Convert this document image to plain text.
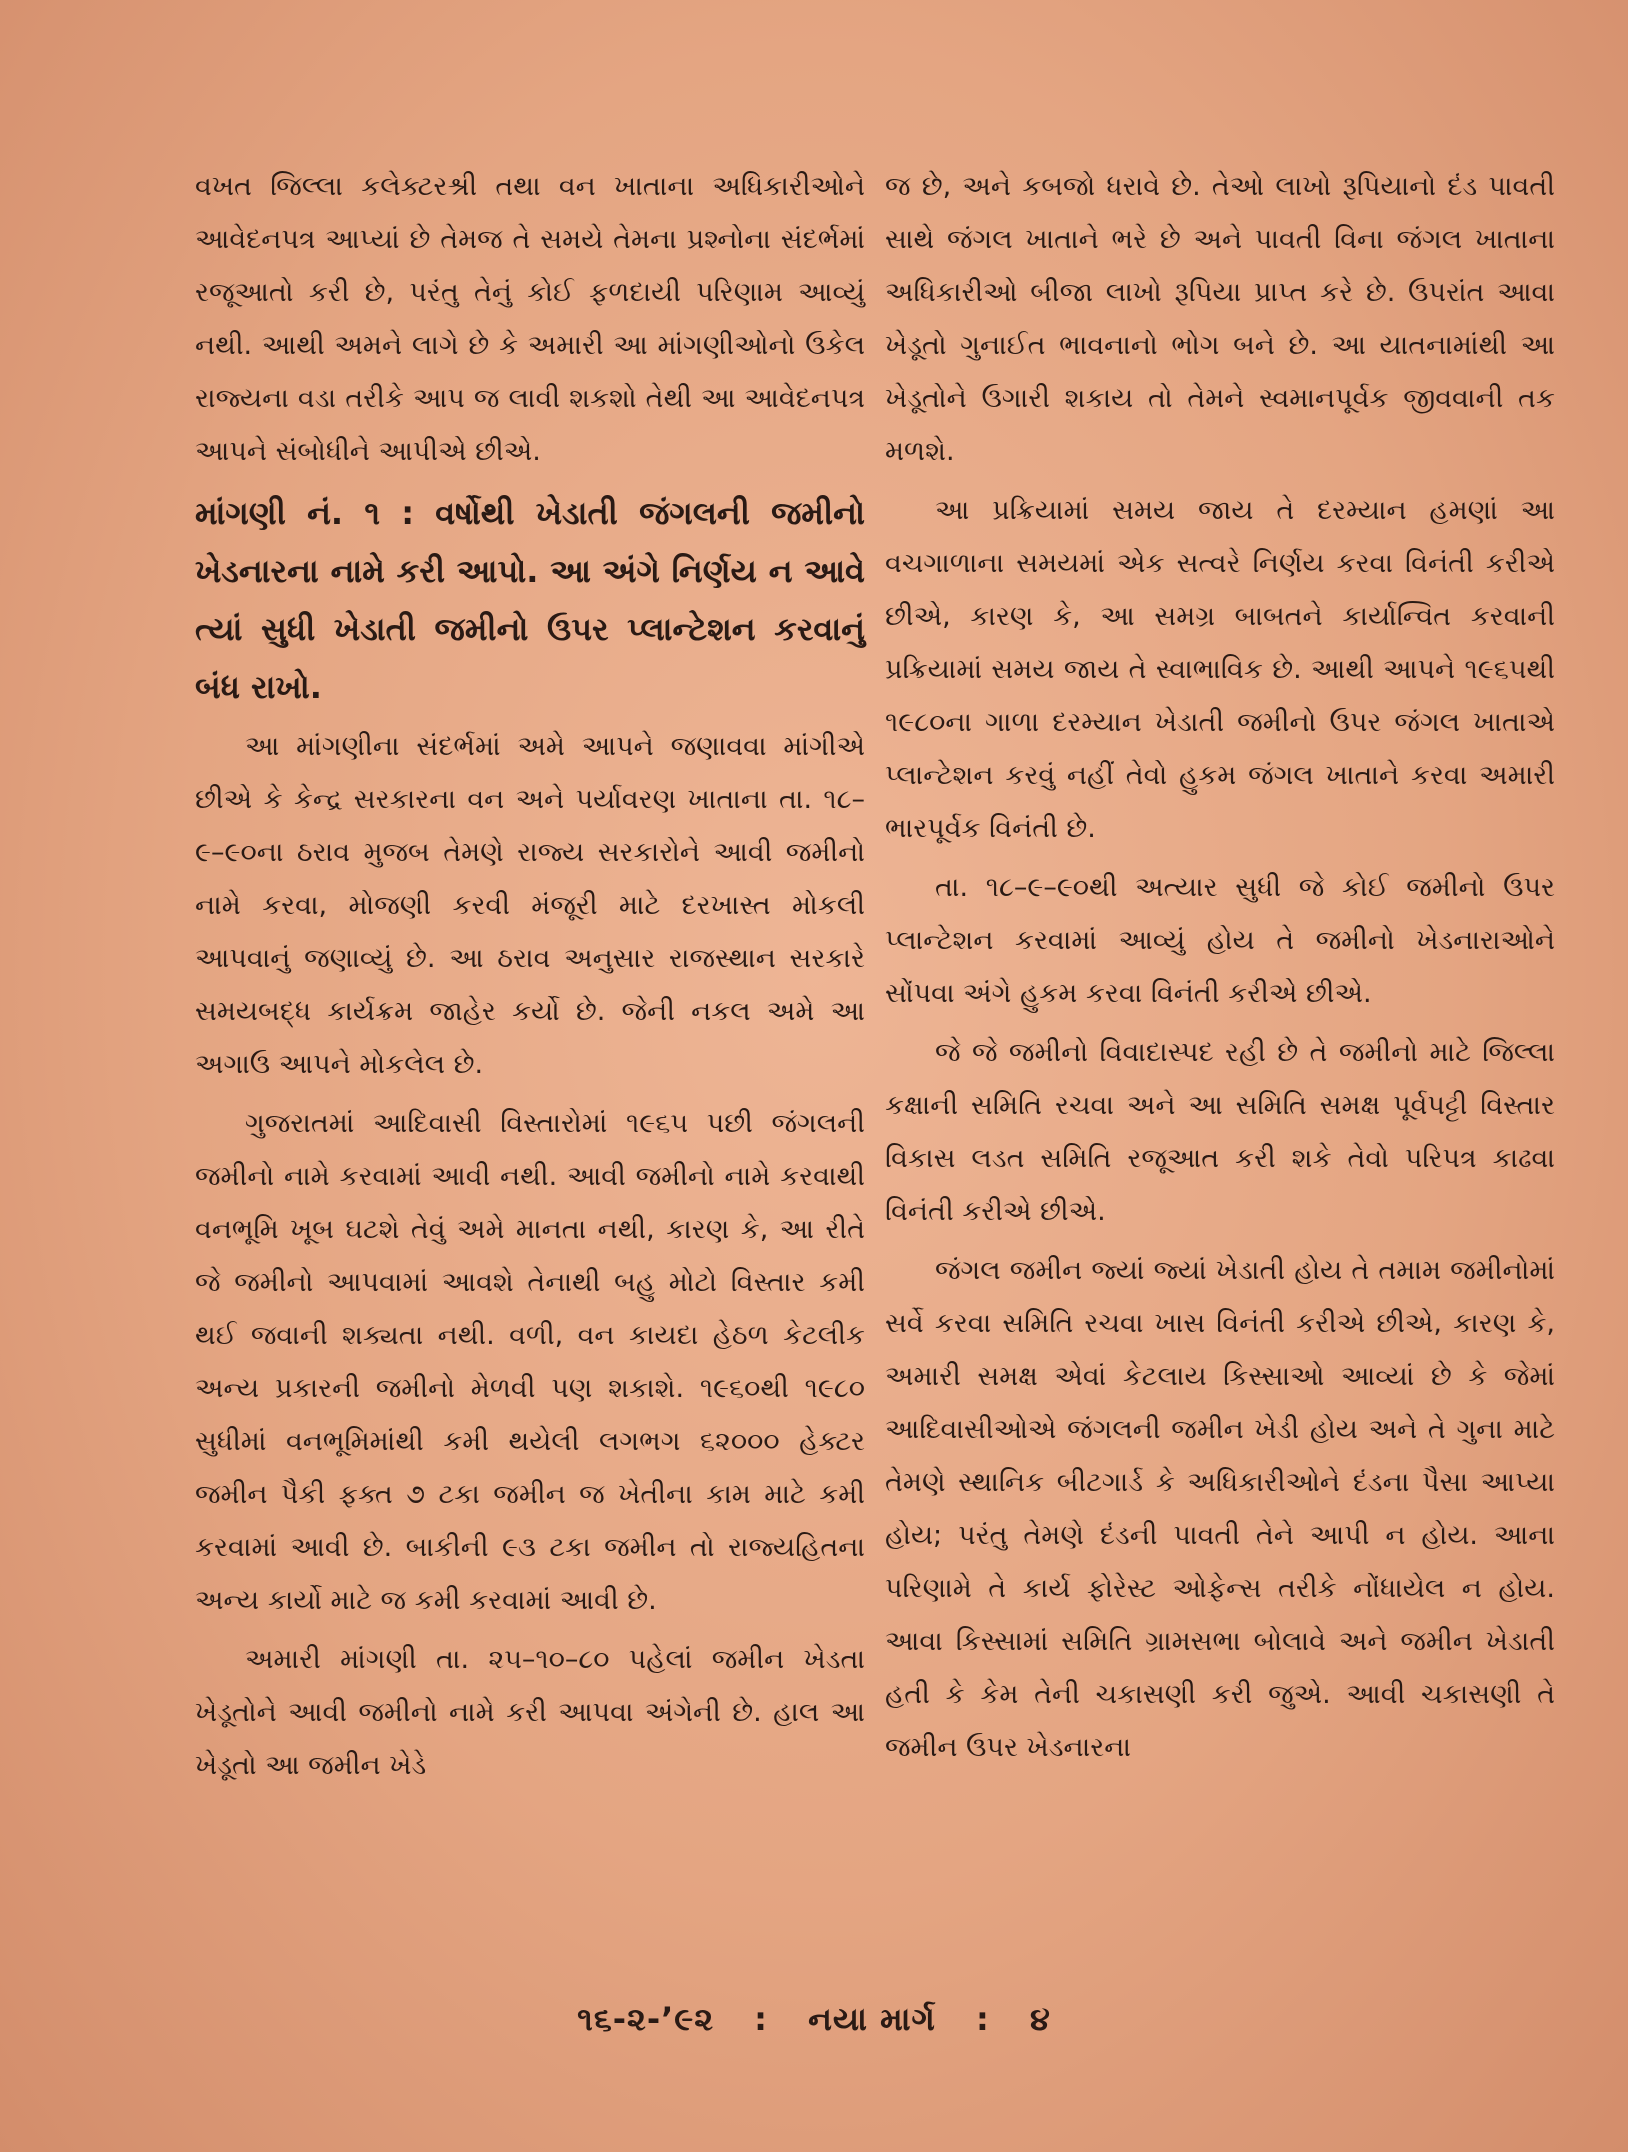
વખત જિલ્લા કલેક્ટરશ્રી તથા વન ખાતાના અધિકારીઓને આવેદનપત્ર આપ્યાં છે તેમજ તે સમયે તેમના પ્રશ્નોના સંદર્ભમાં રજૂઆતો કરી છે, પરંતુ તેનું કોઈ ફળદાયી પરિણામ આવ્યું નથી. આથી અમને લાગે છે કે અમારી આ માંગણીઓનો ઉકેલ રાજ્યના વડા તરીકે આપ જ લાવી શકશો તેથી આ આવેદનપત્ર આપને સંબોધીને આપીએ છીએ.

માંગણી નં. ૧ : વર્ષોથી ખેડાતી જંગલની જમીનો ખેડનારના નામે કરી આપો. આ અંગે નિર્ણય ન આવે ત્યાં સુધી ખેડાતી જમીનો ઉપર પ્લાન્ટેશન કરવાનું બંધ રાખો.

આ માંગણીના સંદર્ભમાં અમે આપને જણાવવા માંગીએ છીએ કે કેન્દ્ર સરકારના વન અને પર્યાવરણ ખાતાના તા. ૧૮–૯–૯૦ના ઠરાવ મુજબ તેમણે રાજ્ય સરકારોને આવી જમીનો નામે કરવા, મોજણી કરવી મંજૂરી માટે દરખાસ્ત મોકલી આપવાનું જણાવ્યું છે. આ ઠરાવ અનુસાર રાજસ્થાન સરકારે સમયબદ્ધ કાર્યક્રમ જાહેર કર્યો છે. જેની નકલ અમે આ અગાઉ આપને મોકલેલ છે.

ગુજરાતમાં આદિવાસી વિસ્તારોમાં ૧૯૬૫ પછી જંગલની જમીનો નામે કરવામાં આવી નથી. આવી જમીનો નામે કરવાથી વનભૂમિ ખૂબ ઘટશે તેવું અમે માનતા નથી, કારણ કે, આ રીતે જે જમીનો આપવામાં આવશે તેનાથી બહુ મોટો વિસ્તાર કમી થઈ જવાની શક્યતા નથી. વળી, વન કાયદા હેઠળ કેટલીક અન્ય પ્રકારની જમીનો મેળવી પણ શકાશે. ૧૯૬૦થી ૧૯૮૦ સુધીમાં વનભૂમિમાંથી કમી થયેલી લગભગ ૬૨૦૦૦ હેક્ટર જમીન પૈકી ફક્ત ૭ ટકા જમીન જ ખેતીના કામ માટે કમી કરવામાં આવી છે. બાકીની ૯૩ ટકા જમીન તો રાજ્યહિતના અન્ય કાર્યો માટે જ કમી કરવામાં આવી છે.

અમારી માંગણી તા. ૨૫–૧૦–૮૦ પહેલાં જમીન ખેડતા ખેડૂતોને આવી જમીનો નામે કરી આપવા અંગેની છે. હાલ આ ખેડૂતો આ જમીન ખેડે

જ છે, અને કબજો ધરાવે છે. તેઓ લાખો રૂપિયાનો દંડ પાવતી સાથે જંગલ ખાતાને ભરે છે અને પાવતી વિના જંગલ ખાતાના અધિકારીઓ બીજા લાખો રૂપિયા પ્રાપ્ત કરે છે. ઉપરાંત આવા ખેડૂતો ગુનાઈત ભાવનાનો ભોગ બને છે. આ યાતનામાંથી આ ખેડૂતોને ઉગારી શકાય તો તેમને સ્વમાનપૂર્વક જીવવાની તક મળશે.

આ પ્રક્રિયામાં સમય જાય તે દરમ્યાન હમણાં આ વચગાળાના સમયમાં એક સત્વરે નિર્ણય કરવા વિનંતી કરીએ છીએ, કારણ કે, આ સમગ્ર બાબતને કાર્યાન્વિત કરવાની પ્રક્રિયામાં સમય જાય તે સ્વાભાવિક છે. આથી આપને ૧૯૬૫થી ૧૯૮૦ના ગાળા દરમ્યાન ખેડાતી જમીનો ઉપર જંગલ ખાતાએ પ્લાન્ટેશન કરવું નહીં તેવો હુકમ જંગલ ખાતાને કરવા અમારી ભારપૂર્વક વિનંતી છે.

તા. ૧૮–૯–૯૦થી અત્યાર સુધી જે કોઈ જમીનો ઉપર પ્લાન્ટેશન કરવામાં આવ્યું હોય તે જમીનો ખેડનારાઓને સોંપવા અંગે હુકમ કરવા વિનંતી કરીએ છીએ.

જે જે જમીનો વિવાદાસ્પદ રહી છે તે જમીનો માટે જિલ્લા કક્ષાની સમિતિ રચવા અને આ સમિતિ સમક્ષ પૂર્વપટ્ટી વિસ્તાર વિકાસ લડત સમિતિ રજૂઆત કરી શકે તેવો પરિપત્ર કાઢવા વિનંતી કરીએ છીએ.

જંગલ જમીન જ્યાં જ્યાં ખેડાતી હોય તે તમામ જમીનોમાં સર્વે કરવા સમિતિ રચવા ખાસ વિનંતી કરીએ છીએ, કારણ કે, અમારી સમક્ષ એવાં કેટલાય કિસ્સાઓ આવ્યાં છે કે જેમાં આદિવાસીઓએ જંગલની જમીન ખેડી હોય અને તે ગુના માટે તેમણે સ્થાનિક બીટગાર્ડ કે અધિકારીઓને દંડના પૈસા આપ્યા હોય; પરંતુ તેમણે દંડની પાવતી તેને આપી ન હોય. આના પરિણામે તે કાર્ય ફોરેસ્ટ ઓફેન્સ તરીકે નોંધાયેલ ન હોય. આવા કિસ્સામાં સમિતિ ગ્રામસભા બોલાવે અને જમીન ખેડાતી હતી કે કેમ તેની ચકાસણી કરી જુએ. આવી ચકાસણી તે જમીન ઉપર ખેડનારના

૧૬-૨-’૯૨ : નયા માર્ગ : ૪
